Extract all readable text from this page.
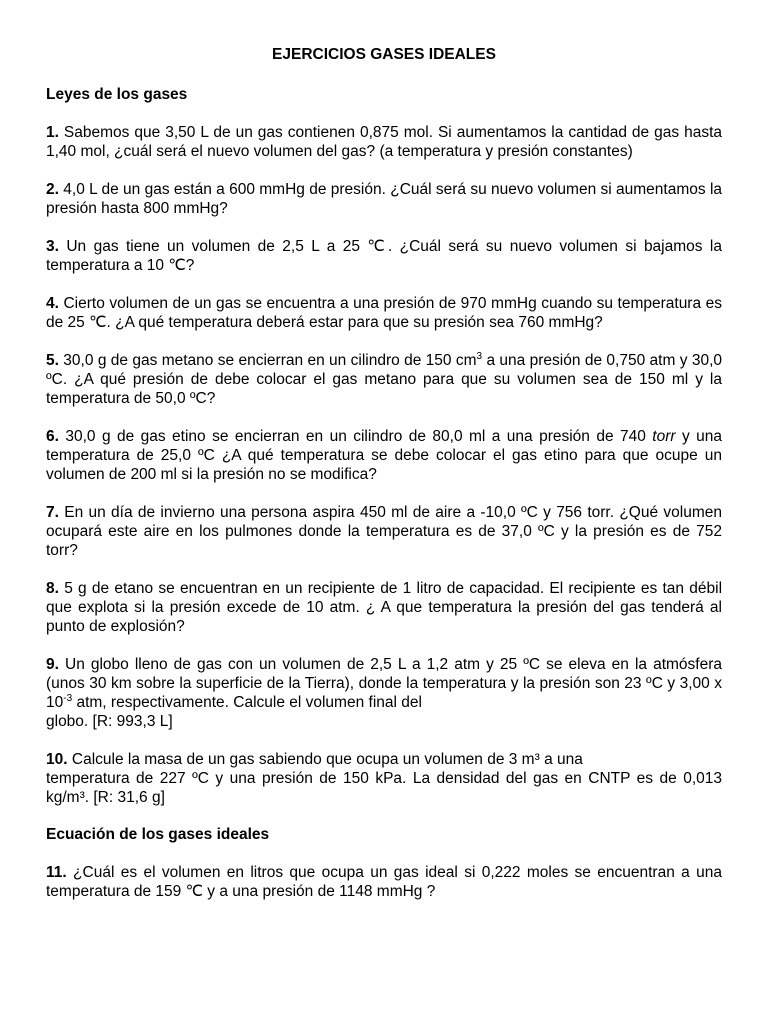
EJERCICIOS GASES IDEALES
Leyes de los gases

1. Sabemos que 3,50 L de un gas contienen 0,875 mol. Si aumentamos la cantidad de gas hasta 1,40 mol, ¿cuál será el nuevo volumen del gas? (a temperatura y presión constantes)

2. 4,0 L de un gas están a 600 mmHg de presión. ¿Cuál será su nuevo volumen si aumentamos la presión hasta 800 mmHg?

3. Un gas tiene un volumen de 2,5 L a 25 ℃. ¿Cuál será su nuevo volumen si bajamos la temperatura a 10 ℃?

4. Cierto volumen de un gas se encuentra a una presión de 970 mmHg cuando su temperatura es de 25 ℃. ¿A qué temperatura deberá estar para que su presión sea 760 mmHg?

5. 30,0 g de gas metano se encierran en un cilindro de 150 $cm^3$ a una presión de 0,750 atm y 30,0 ºC. ¿A qué presión de debe colocar el gas metano para que su volumen sea de 150 ml y la temperatura de 50,0 ºC?

6. 30,0 g de gas etino se encierran en un cilindro de 80,0 ml a una presión de 740 torr y una temperatura de 25,0 ºC ¿A qué temperatura se debe colocar el gas etino para que ocupe un volumen de 200 ml si la presión no se modifica?

7. En un día de invierno una persona aspira 450 ml de aire a -10,0 ºC y 756 torr. ¿Qué volumen ocupará este aire en los pulmones donde la temperatura es de 37,0 ºC y la presión es de 752 torr?

8. 5 g de etano se encuentran en un recipiente de 1 litro de capacidad. El recipiente es tan débil que explota si la presión excede de 10 atm. ¿ A que temperatura la presión del gas tenderá al punto de explosión?

9. Un globo lleno de gas con un volumen de 2,5 L a 1,2 atm y 25 ºC se eleva en la atmósfera (unos 30 km sobre la superficie de la Tierra), donde la temperatura y la presión son 23 ºC y 3,00 x $10^{-3}$ atm, respectivamente. Calcule el volumen final del
globo. [R: 993,3 L]

10. Calcule la masa de un gas sabiendo que ocupa un volumen de 3 m³ a una
temperatura de 227 ºC y una presión de 150 kPa. La densidad del gas en CNTP es de 0,013 kg/m³. [R: 31,6 g]

Ecuación de los gases ideales

11. ¿Cuál es el volumen en litros que ocupa un gas ideal si 0,222 moles se encuentran a una temperatura de 159 ℃ y a una presión de 1148 mmHg ?
